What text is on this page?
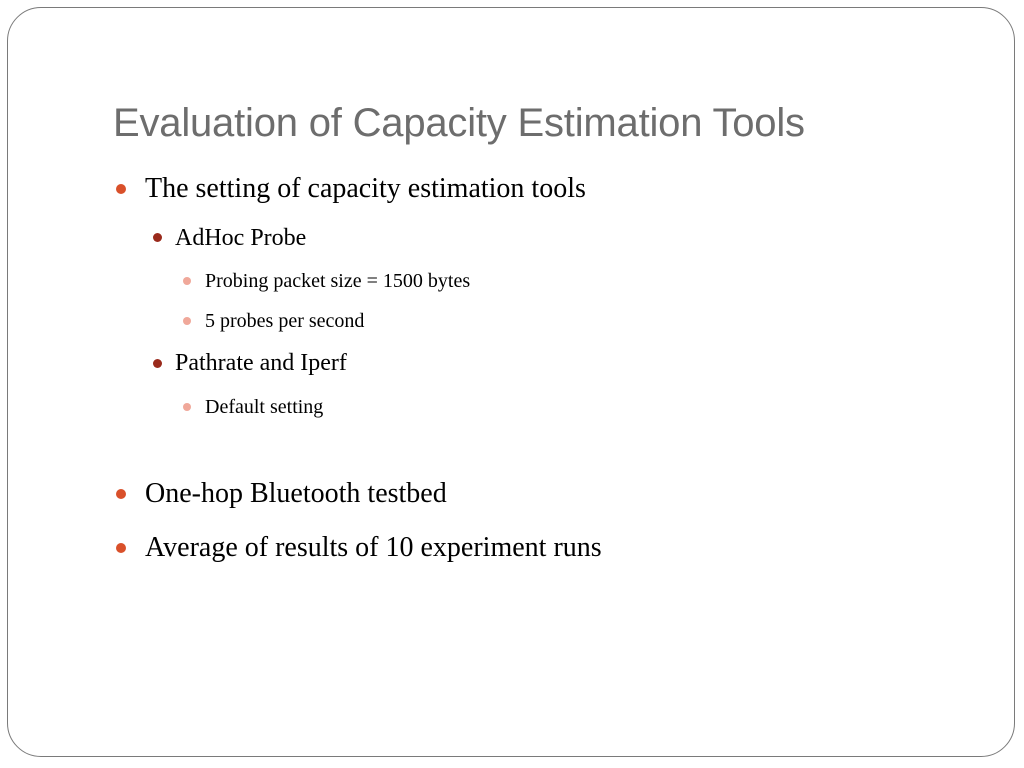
Evaluation of Capacity Estimation Tools
The setting of capacity estimation tools
AdHoc Probe
Probing packet size = 1500 bytes
5 probes per second
Pathrate and Iperf
Default setting
One-hop Bluetooth testbed
Average of results of 10 experiment runs
